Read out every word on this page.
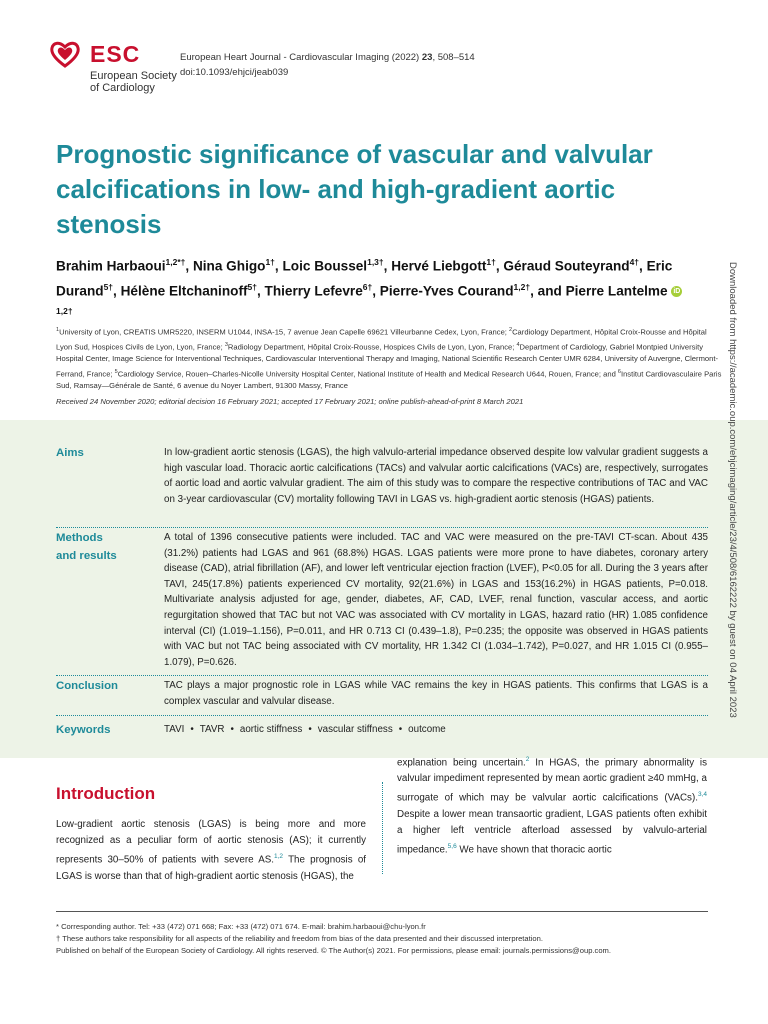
ESC
European Society
of Cardiology
European Heart Journal - Cardiovascular Imaging (2022) 23, 508–514
doi:10.1093/ehjci/jeab039
Prognostic significance of vascular and valvular calcifications in low- and high-gradient aortic stenosis
Brahim Harbaoui$^{1,2*\dagger}$, Nina Ghigo$^{1\dagger}$, Loic Boussel$^{1,3\dagger}$, Hervé Liebgott$^{1\dagger}$, Géraud Souteyrand$^{4\dagger}$, Eric Durand$^{5\dagger}$, Hélène Eltchaninoff$^{5\dagger}$, Thierry Lefevre$^{6\dagger}$, Pierre-Yves Courand$^{1,2\dagger}$, and Pierre Lantelme iD $^{1,2\dagger}$
$^1$University of Lyon, CREATIS UMR5220, INSERM U1044, INSA-15, 7 avenue Jean Capelle 69621 Villeurbanne Cedex, Lyon, France; $^2$Cardiology Department, Hôpital Croix-Rousse and Hôpital Lyon Sud, Hospices Civils de Lyon, Lyon, France; $^3$Radiology Department, Hôpital Croix-Rousse, Hospices Civils de Lyon, Lyon, France; $^4$Department of Cardiology, Gabriel Montpied University Hospital Center, Image Science for Interventional Techniques, Cardiovascular Interventional Therapy and Imaging, National Scientific Research Center UMR 6284, University of Auvergne, Clermont-Ferrand, France; $^5$Cardiology Service, Rouen–Charles-Nicolle University Hospital Center, National Institute of Health and Medical Research U644, Rouen, France; and $^6$Institut Cardiovasculaire Paris Sud, Ramsay—Générale de Santé, 6 avenue du Noyer Lambert, 91300 Massy, France
Received 24 November 2020; editorial decision 16 February 2021; accepted 17 February 2021; online publish-ahead-of-print 8 March 2021
Aims	In low-gradient aortic stenosis (LGAS), the high valvulo-arterial impedance observed despite low valvular gradient suggests a high vascular load. Thoracic aortic calcifications (TACs) and valvular aortic calcifications (VACs) are, respectively, surrogates of aortic load and aortic valvular gradient. The aim of this study was to compare the respective contributions of TAC and VAC on 3-year cardiovascular (CV) mortality following TAVI in LGAS vs. high-gradient aortic stenosis (HGAS) patients.
Methods
and results
A total of 1396 consecutive patients were included. TAC and VAC were measured on the pre-TAVI CT-scan. About 435 (31.2%) patients had LGAS and 961 (68.8%) HGAS. LGAS patients were more prone to have diabetes, coronary artery disease (CAD), atrial fibrillation (AF), and lower left ventricular ejection fraction (LVEF), P<0.05 for all. During the 3 years after TAVI, 245(17.8%) patients experienced CV mortality, 92(21.6%) in LGAS and 153(16.2%) in HGAS patients, P=0.018. Multivariate analysis adjusted for age, gender, diabetes, AF, CAD, LVEF, renal function, vascular access, and aortic regurgitation showed that TAC but not VAC was associated with CV mortality in LGAS, hazard ratio (HR) 1.085 confidence interval (CI) (1.019–1.156), P=0.011, and HR 0.713 CI (0.439–1.8), P=0.235; the opposite was observed in HGAS patients with VAC but not TAC being associated with CV mortality, HR 1.342 CI (1.034–1.742), P=0.027, and HR 1.015 CI (0.955–1.079), P=0.626.
Conclusion	TAC plays a major prognostic role in LGAS while VAC remains the key in HGAS patients. This confirms that LGAS is a complex vascular and valvular disease.
Keywords	TAVI • TAVR • aortic stiffness • vascular stiffness • outcome
Introduction
Low-gradient aortic stenosis (LGAS) is being more and more recognized as a peculiar form of aortic stenosis (AS); it currently represents 30–50% of patients with severe AS.$^{1,2}$ The prognosis of LGAS is worse than that of high-gradient aortic stenosis (HGAS), the
explanation being uncertain.$^2$ In HGAS, the primary abnormality is valvular impediment represented by mean aortic gradient ≥40 mmHg, a surrogate of which may be valvular aortic calcifications (VACs).$^{3,4}$ Despite a lower mean transaortic gradient, LGAS patients often exhibit a higher left ventricle afterload assessed by valvulo-arterial impedance.$^{5,6}$ We have shown that thoracic aortic
* Corresponding author. Tel: +33 (472) 071 668; Fax: +33 (472) 071 674. E-mail: brahim.harbaoui@chu-lyon.fr
† These authors take responsibility for all aspects of the reliability and freedom from bias of the data presented and their discussed interpretation.
Published on behalf of the European Society of Cardiology. All rights reserved. © The Author(s) 2021. For permissions, please email: journals.permissions@oup.com.
Downloaded from https://academic.oup.com/ehjcimaging/article/23/4/508/6162222 by guest on 04 April 2023
